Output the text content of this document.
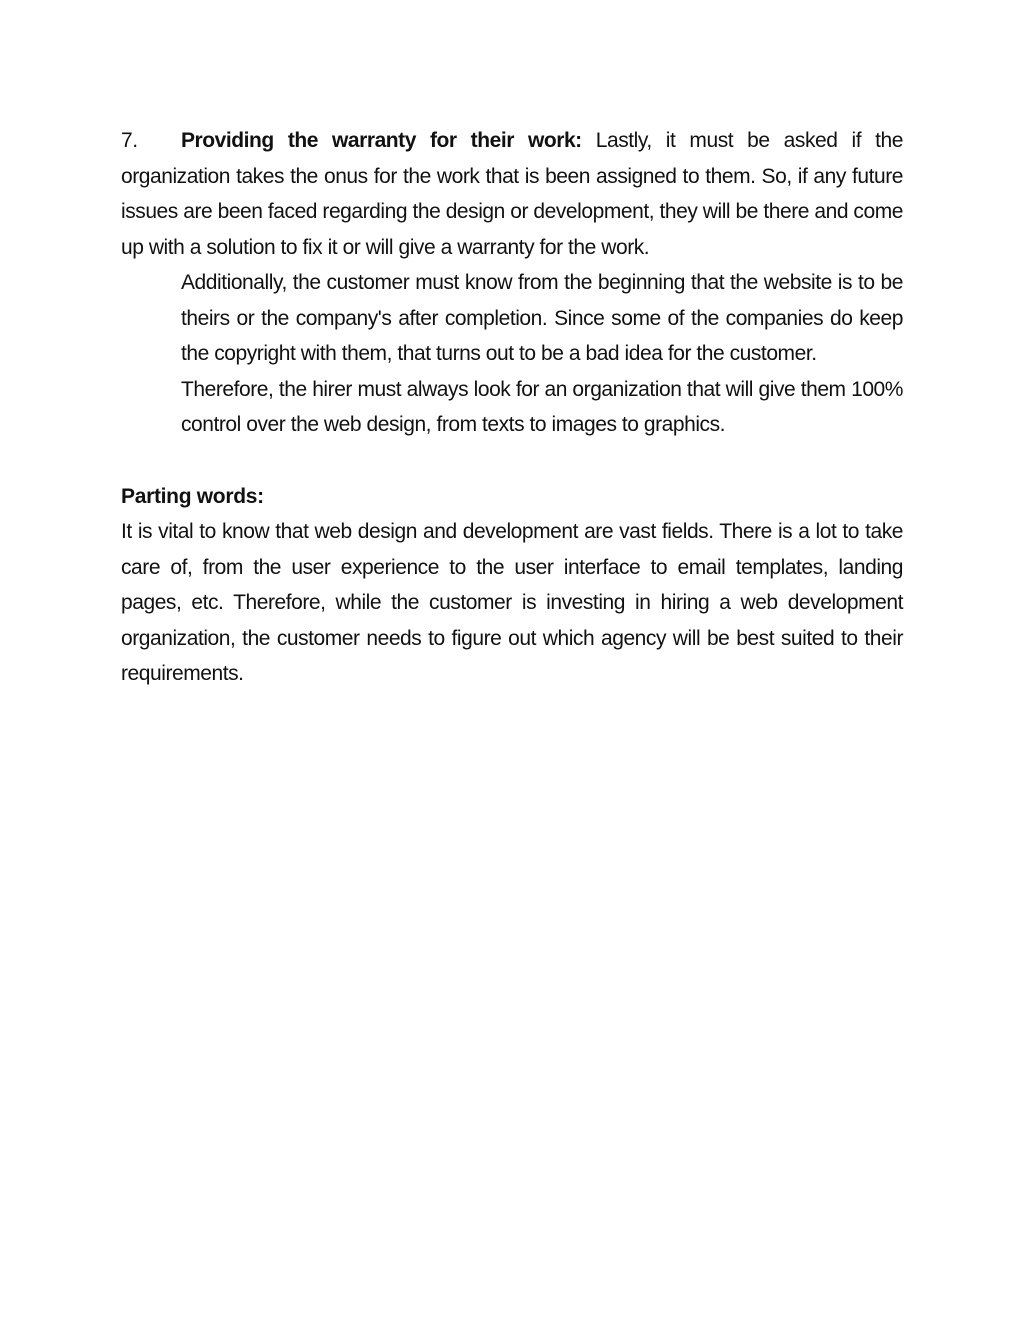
7. Providing the warranty for their work: Lastly, it must be asked if the organization takes the onus for the work that is been assigned to them. So, if any future issues are been faced regarding the design or development, they will be there and come up with a solution to fix it or will give a warranty for the work.

Additionally, the customer must know from the beginning that the website is to be theirs or the company's after completion. Since some of the companies do keep the copyright with them, that turns out to be a bad idea for the customer.

Therefore, the hirer must always look for an organization that will give them 100% control over the web design, from texts to images to graphics.

Parting words:

It is vital to know that web design and development are vast fields. There is a lot to take care of, from the user experience to the user interface to email templates, landing pages, etc. Therefore, while the customer is investing in hiring a web development organization, the customer needs to figure out which agency will be best suited to their requirements.
